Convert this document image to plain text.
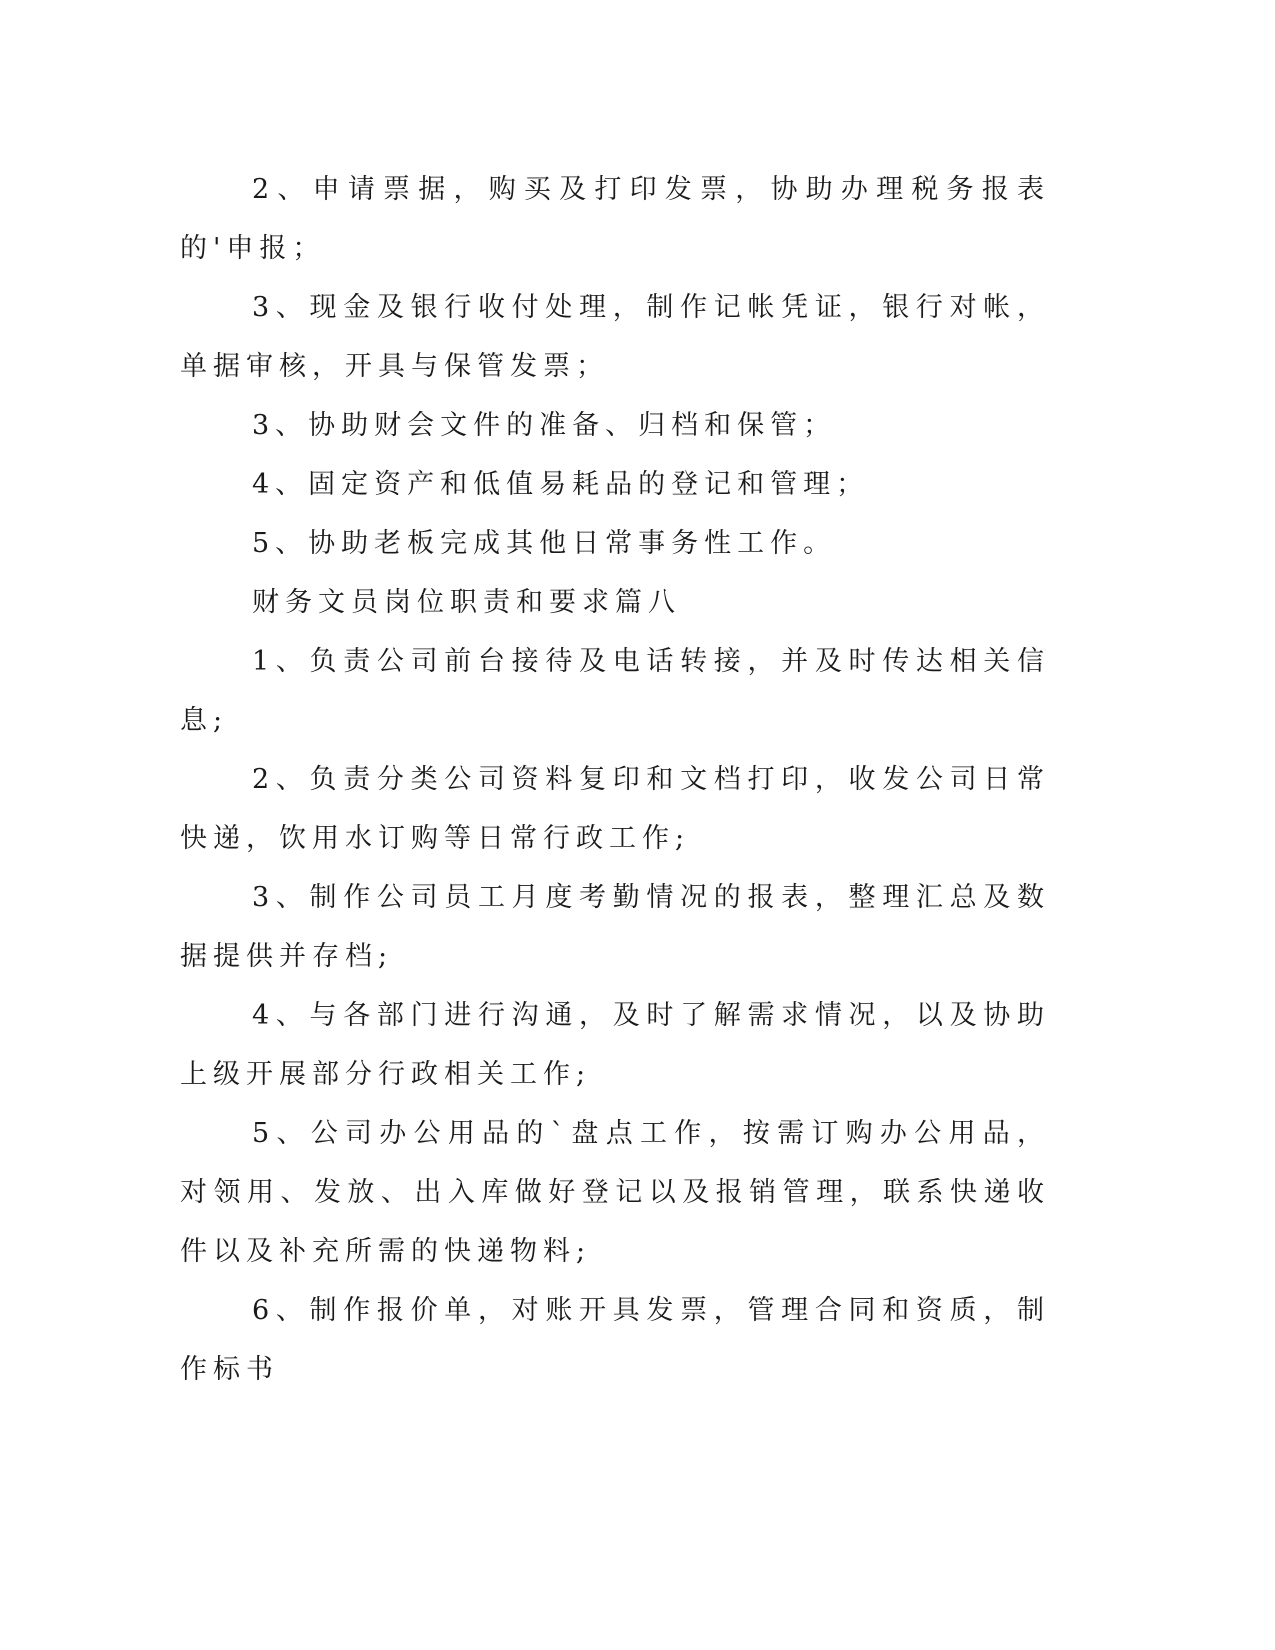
2、申请票据，购买及打印发票，协助办理税务报表的'申报；

3、现金及银行收付处理，制作记帐凭证，银行对帐，单据审核，开具与保管发票；

3、协助财会文件的准备、归档和保管；

4、固定资产和低值易耗品的登记和管理；

5、协助老板完成其他日常事务性工作。

财务文员岗位职责和要求篇八

1、负责公司前台接待及电话转接，并及时传达相关信息;

2、负责分类公司资料复印和文档打印，收发公司日常快递，饮用水订购等日常行政工作;

3、制作公司员工月度考勤情况的报表，整理汇总及数据提供并存档;

4、与各部门进行沟通，及时了解需求情况，以及协助上级开展部分行政相关工作;

5、公司办公用品的`盘点工作，按需订购办公用品，对领用、发放、出入库做好登记以及报销管理，联系快递收件以及补充所需的快递物料;

6、制作报价单，对账开具发票，管理合同和资质，制作标书
